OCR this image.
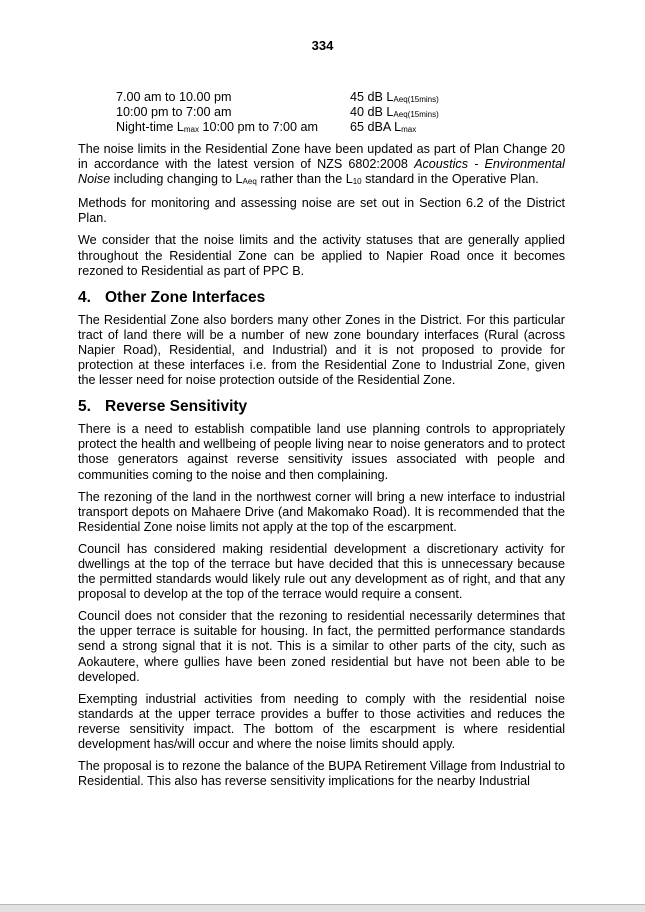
334
7.00 am to 10.00 pm	45 dB LAeq(15mins)
10:00 pm to 7:00 am	40 dB LAeq(15mins)
Night-time Lmax 10:00 pm to 7:00 am	65 dBA Lmax

The noise limits in the Residential Zone have been updated as part of Plan Change 20 in accordance with the latest version of NZS 6802:2008 Acoustics - Environmental Noise including changing to LAeq rather than the L10 standard in the Operative Plan.

Methods for monitoring and assessing noise are set out in Section 6.2 of the District Plan.

We consider that the noise limits and the activity statuses that are generally applied throughout the Residential Zone can be applied to Napier Road once it becomes rezoned to Residential as part of PPC B.

4. Other Zone Interfaces

The Residential Zone also borders many other Zones in the District. For this particular tract of land there will be a number of new zone boundary interfaces (Rural (across Napier Road), Residential, and Industrial) and it is not proposed to provide for protection at these interfaces i.e. from the Residential Zone to Industrial Zone, given the lesser need for noise protection outside of the Residential Zone.

5. Reverse Sensitivity

There is a need to establish compatible land use planning controls to appropriately protect the health and wellbeing of people living near to noise generators and to protect those generators against reverse sensitivity issues associated with people and communities coming to the noise and then complaining.

The rezoning of the land in the northwest corner will bring a new interface to industrial transport depots on Mahaere Drive (and Makomako Road). It is recommended that the Residential Zone noise limits not apply at the top of the escarpment.

Council has considered making residential development a discretionary activity for dwellings at the top of the terrace but have decided that this is unnecessary because the permitted standards would likely rule out any development as of right, and that any proposal to develop at the top of the terrace would require a consent.

Council does not consider that the rezoning to residential necessarily determines that the upper terrace is suitable for housing. In fact, the permitted performance standards send a strong signal that it is not. This is a similar to other parts of the city, such as Aokautere, where gullies have been zoned residential but have not been able to be developed.

Exempting industrial activities from needing to comply with the residential noise standards at the upper terrace provides a buffer to those activities and reduces the reverse sensitivity impact. The bottom of the escarpment is where residential development has/will occur and where the noise limits should apply.

The proposal is to rezone the balance of the BUPA Retirement Village from Industrial to Residential. This also has reverse sensitivity implications for the nearby Industrial
